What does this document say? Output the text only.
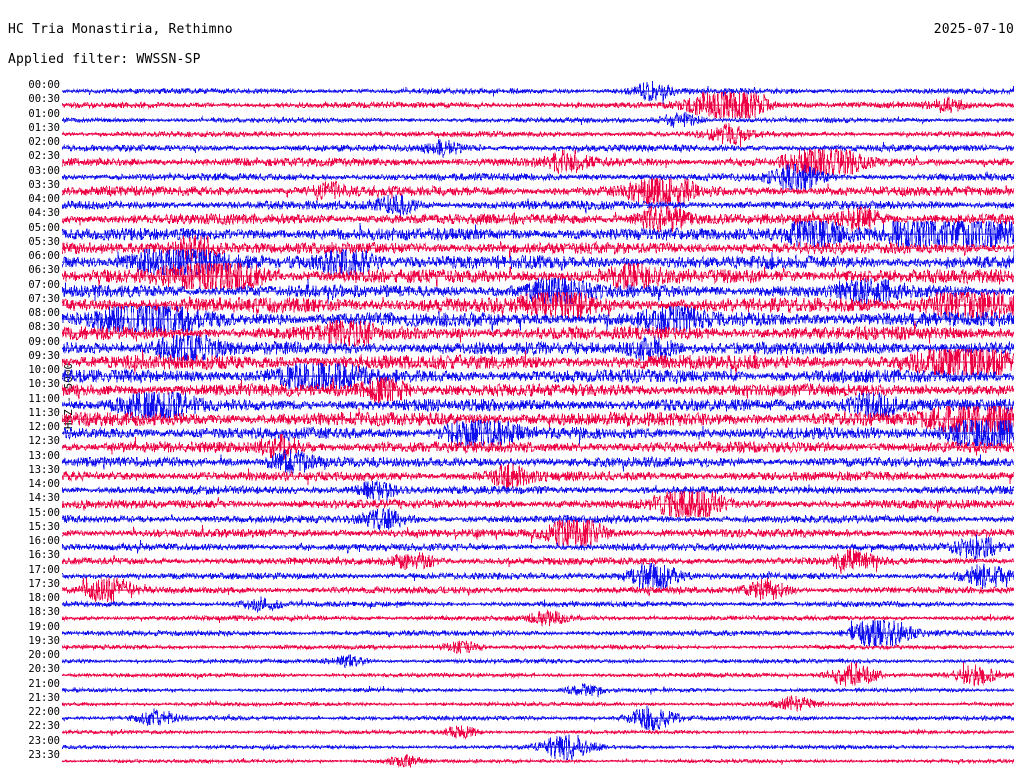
HC Tria Monastiria, Rethimno	2025-07-10
Applied filter: WWSSN-SP
HHZ - 5000
00:00
00:30
01:00
01:30
02:00
02:30
03:00
03:30
04:00
04:30
05:00
05:30
06:00
06:30
07:00
07:30
08:00
08:30
09:00
09:30
10:00
10:30
11:00
11:30
12:00
12:30
13:00
13:30
14:00
14:30
15:00
15:30
16:00
16:30
17:00
17:30
18:00
18:30
19:00
19:30
20:00
20:30
21:00
21:30
22:00
22:30
23:00
23:30
